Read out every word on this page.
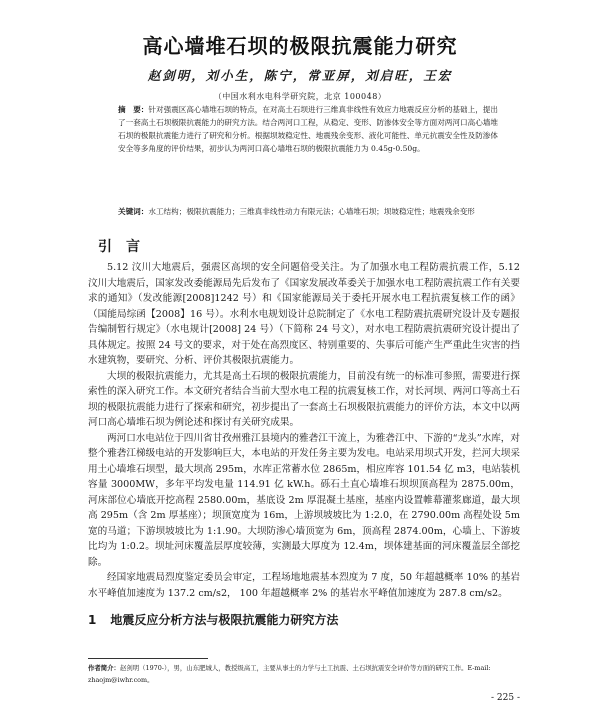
高心墙堆石坝的极限抗震能力研究
赵剑明，刘小生，陈宁，常亚屏，刘启旺，王宏
（中国水利水电科学研究院，北京 100048）
摘　要：针对强震区高心墙堆石坝的特点，在对高土石坝进行三维真非线性有效应力地震反应分析的基础上，提出了一套高土石坝极限抗震能力的研究方法。结合两河口工程，从稳定、变形、防渗体安全等方面对两河口高心墙堆石坝的极限抗震能力进行了研究和分析。根据坝坡稳定性、地震残余变形、液化可能性、单元抗震安全性及防渗体安全等多角度的评价结果，初步认为两河口高心墙堆石坝的极限抗震能力为 0.45g-0.50g。
关键词：水工结构；极限抗震能力；三维真非线性动力有限元法；心墙堆石坝；坝坡稳定性；地震残余变形
引言

5.12 汶川大地震后，强震区高坝的安全问题倍受关注。为了加强水电工程防震抗震工作，5.12 汶川大地震后，国家发改委能源局先后发布了《国家发展改革委关于加强水电工程防震抗震工作有关要求的通知》（发改能源[2008]1242 号）和《国家能源局关于委托开展水电工程抗震复核工作的函》（国能局综函【2008】16 号）。水利水电规划设计总院制定了《水电工程防震抗震研究设计及专题报告编制暂行规定》（水电规计[2008] 24 号）（下简称 24 号文），对水电工程防震抗震研究设计提出了具体规定。按照 24 号文的要求，对于处在高烈度区、特别重要的、失事后可能产生严重此生灾害的挡水建筑物，要研究、分析、评价其极限抗震能力。

大坝的极限抗震能力，尤其是高土石坝的极限抗震能力，目前没有统一的标准可参照，需要进行探索性的深入研究工作。本文研究者结合当前大型水电工程的抗震复核工作，对长河坝、两河口等高土石坝的极限抗震能力进行了探索和研究，初步提出了一套高土石坝极限抗震能力的评价方法，本文中以两河口高心墙堆石坝为例论述和探讨有关研究成果。

两河口水电站位于四川省甘孜州雅江县境内的雅砻江干流上，为雅砻江中、下游的“龙头”水库，对整个雅砻江梯级电站的开发影响巨大，本电站的开发任务主要为发电。电站采用坝式开发，拦河大坝采用土心墙堆石坝型，最大坝高 295m，水库正常蓄水位 2865m，相应库容 101.54 亿 m3，电站装机容量 3000MW，多年平均发电量 114.91 亿 kW.h。砾石土直心墙堆石坝坝顶高程为 2875.00m，河床部位心墙底开挖高程 2580.00m，基底设 2m 厚混凝土基座，基座内设置帷幕灌浆廊道，最大坝高 295m（含 2m 厚基座）；坝顶宽度为 16m，上游坝坡坡比为 1:2.0，在 2790.00m 高程处设 5m 宽的马道；下游坝坡坡比为 1:1.90。大坝防渗心墙顶宽为 6m，顶高程 2874.00m，心墙上、下游坡比均为 1:0.2。坝址河床覆盖层厚度较薄，实测最大厚度为 12.4m，坝体建基面的河床覆盖层全部挖除。

经国家地震局烈度鉴定委员会审定，工程场地地震基本烈度为 7 度，50 年超越概率 10% 的基岩水平峰值加速度为 137.2 cm/s2， 100 年超越概率 2% 的基岩水平峰值加速度为 287.8 cm/s2。

1 地震反应分析方法与极限抗震能力研究方法
作者简介：赵剑明（1970-），男，山东肥城人，教授级高工，主要从事土的力学与土工抗震、土石坝抗震安全评价等方面的研究工作。E-mail: zhaojm@iwhr.com。
- 225 -
